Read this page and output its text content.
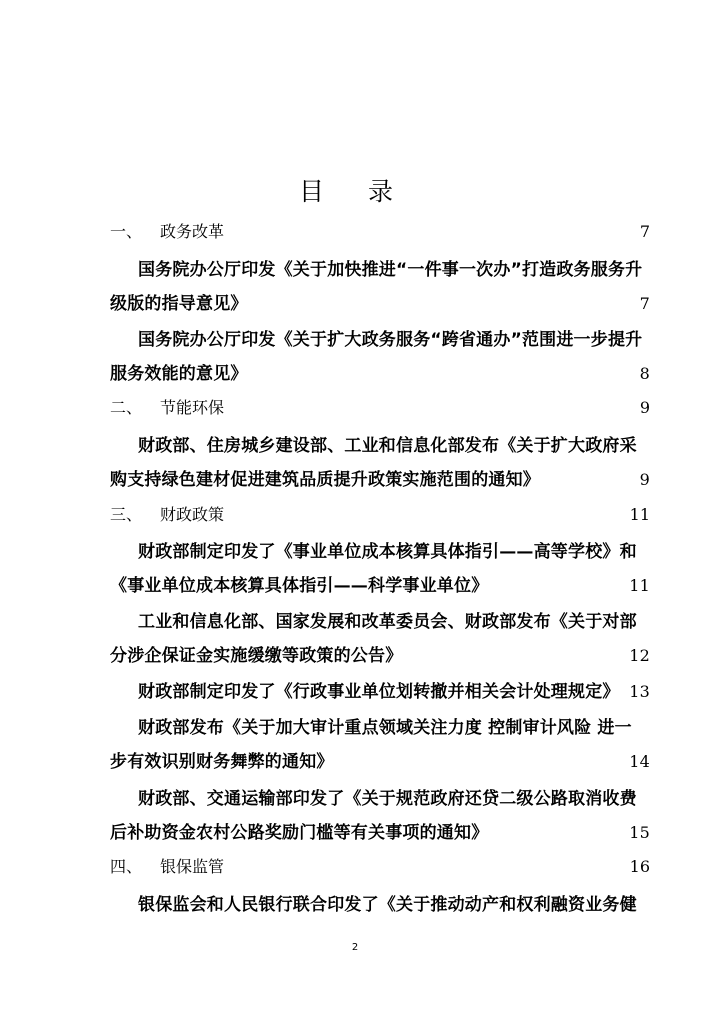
目 录
一、 政务改革	7
国务院办公厅印发《关于加快推进“一件事一次办”打造政务服务升
级版的指导意见》	7
国务院办公厅印发《关于扩大政务服务“跨省通办”范围进一步提升
服务效能的意见》	8
二、 节能环保	9
财政部、住房城乡建设部、工业和信息化部发布《关于扩大政府采
购支持绿色建材促进建筑品质提升政策实施范围的通知》	9
三、 财政政策	11
财政部制定印发了《事业单位成本核算具体指引——高等学校》和
《事业单位成本核算具体指引——科学事业单位》	11
工业和信息化部、国家发展和改革委员会、财政部发布《关于对部
分涉企保证金实施缓缴等政策的公告》	12
财政部制定印发了《行政事业单位划转撤并相关会计处理规定》 13
财政部发布《关于加大审计重点领域关注力度 控制审计风险 进一
步有效识别财务舞弊的通知》	14
财政部、交通运输部印发了《关于规范政府还贷二级公路取消收费
后补助资金农村公路奖励门槛等有关事项的通知》	15
四、 银保监管	16
银保监会和人民银行联合印发了《关于推动动产和权利融资业务健
2
